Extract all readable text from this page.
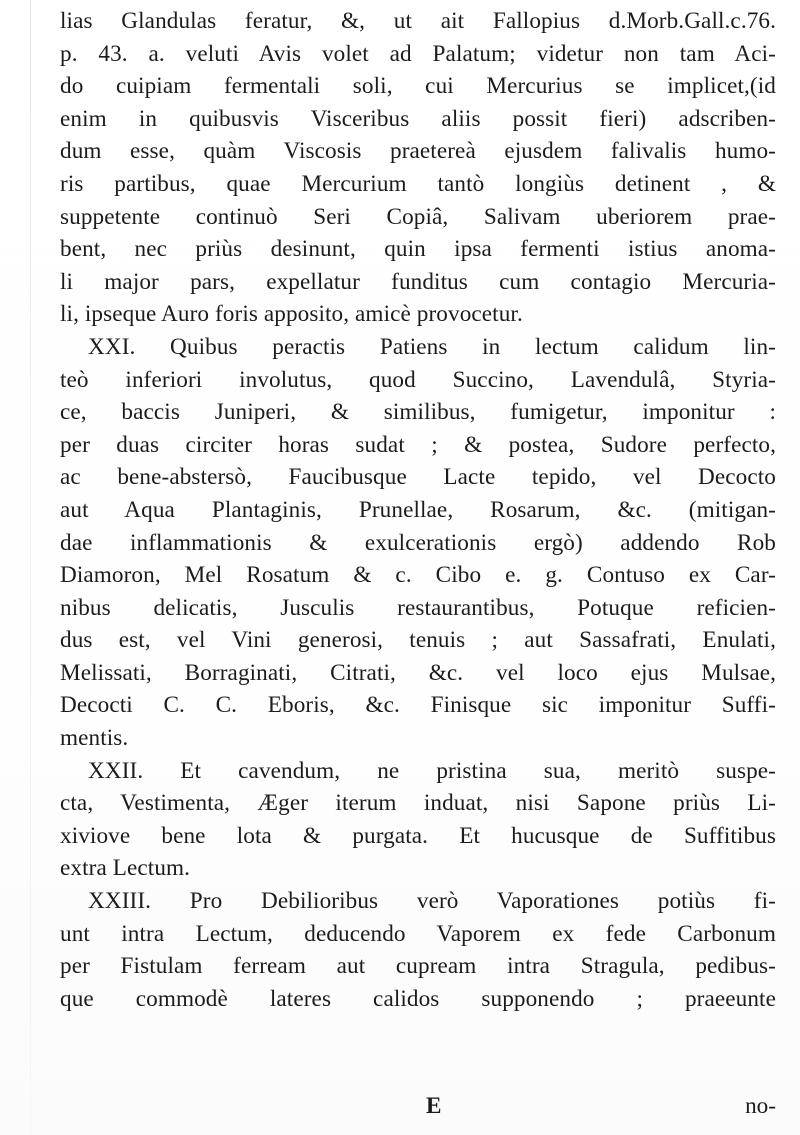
lias Glandulas feratur, &, ut ait Fallopius d.Morb.Gall.c.76.
p. 43. a. veluti Avis volet ad Palatum; videtur non tam Aci-
do cuipiam fermentali soli, cui Mercurius se implicet,(id
enim in quibusvis Visceribus aliis possit fieri) adscriben-
dum esse, quàm Viscosis praetereà ejusdem falivalis humo-
ris partibus, quae Mercurium tantò longiùs detinent , &
suppetente continuò Seri Copiâ, Salivam uberiorem prae-
bent, nec priùs desinunt, quin ipsa fermenti istius anoma-
li major pars, expellatur funditus cum contagio Mercuria-
li, ipseque Auro foris apposito, amicè provocetur.
XXI. Quibus peractis Patiens in lectum calidum lin-
teò inferiori involutus, quod Succino, Lavendulâ, Styria-
ce, baccis Juniperi, & similibus, fumigetur, imponitur :
per duas circiter horas sudat ; & postea, Sudore perfecto,
ac bene-abstersò, Faucibusque Lacte tepido, vel Decocto
aut Aqua Plantaginis, Prunellae, Rosarum, &c. (mitigan-
dae inflammationis & exulcerationis ergò) addendo Rob
Diamoron, Mel Rosatum & c. Cibo e. g. Contuso ex Car-
nibus delicatis, Jusculis restaurantibus, Potuque reficien-
dus est, vel Vini generosi, tenuis ; aut Sassafrati, Enulati,
Melissati, Borraginati, Citrati, &c. vel loco ejus Mulsae,
Decocti C. C. Eboris, &c. Finisque sic imponitur Suffi-
mentis.
XXII. Et cavendum, ne pristina sua, meritò suspe-
cta, Vestimenta, Æger iterum induat, nisi Sapone priùs Li-
xiviove bene lota & purgata. Et hucusque de Suffitibus
extra Lectum.
XXIII. Pro Debilioribus verò Vaporationes potiùs fi-
unt intra Lectum, deducendo Vaporem ex fede Carbonum
per Fistulam ferream aut cupream intra Stragula, pedibus-
que commodè lateres calidos supponendo ; praeeunte
E	no-
